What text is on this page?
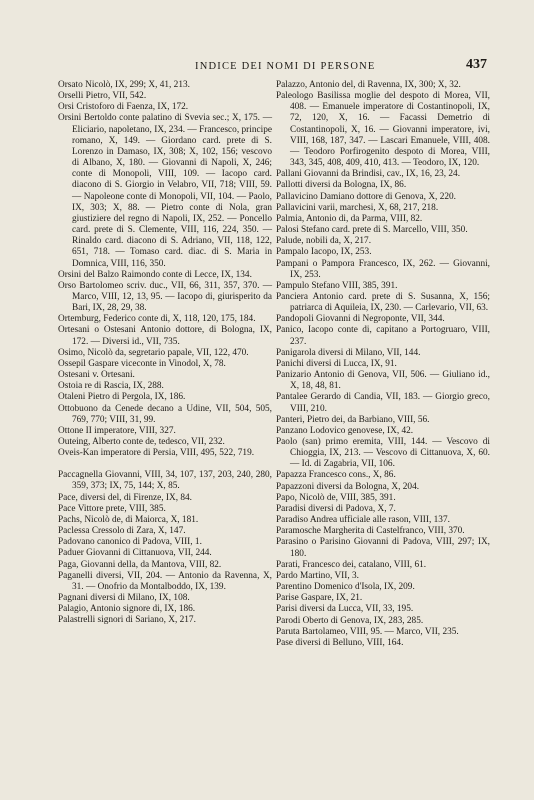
INDICE DEI NOMI DI PERSONE	437
Orsato Nicolò, IX, 299; X, 41, 213.
Orselli Pietro, VII, 542.
Orsi Cristoforo di Faenza, IX, 172.
Orsini Bertoldo conte palatino di Svevia sec.; X, 175. — Eliciario, napoletano, IX, 234. — Francesco, principe romano, X, 149. — Giordano card. prete di S. Lorenzo in Damaso, IX, 308; X, 102, 156; vescovo di Albano, X, 180. — Giovanni di Napoli, X, 246; conte di Monopoli, VIII, 109. — Iacopo card. diacono di S. Giorgio in Velabro, VII, 718; VIII, 59. — Napoleone conte di Monopoli, VII, 104. — Paolo, IX, 303; X, 88. — Pietro conte di Nola, gran giustiziere del regno di Napoli, IX, 252. — Poncello card. prete di S. Clemente, VIII, 116, 224, 350. — Rinaldo card. diacono di S. Adriano, VII, 118, 122, 651, 718. — Tomaso card. diac. di S. Maria in Domnica, VIII, 116, 350.
Orsini del Balzo Raimondo conte di Lecce, IX, 134.
Orso Bartolomeo scriv. duc., VII, 66, 311, 357, 370. — Marco, VIII, 12, 13, 95. — Iacopo di, giurisperito da Bari, IX, 28, 29, 38.
Ortemburg, Federico conte di, X, 118, 120, 175, 184.
Ortesani o Ostesani Antonio dottore, di Bologna, IX, 172. — Diversi id., VII, 735.
Osimo, Nicolò da, segretario papale, VII, 122, 470.
Ossepil Gaspare viceconte in Vinodol, X, 78.
Ostesani v. Ortesani.
Ostoia re di Rascia, IX, 288.
Otaleni Pietro di Pergola, IX, 186.
Ottobuono da Cenede decano a Udine, VII, 504, 505, 769, 770; VIII, 31, 99.
Ottone II imperatore, VIII, 327.
Outeing, Alberto conte de, tedesco, VII, 232.
Oveis-Kan imperatore di Persia, VIII, 495, 522, 719.
Paccagnella Giovanni, VIII, 34, 107, 137, 203, 240, 280, 359, 373; IX, 75, 144; X, 85.
Pace, diversi del, di Firenze, IX, 84.
Pace Vittore prete, VIII, 385.
Pachs, Nicolò de, di Maiorca, X, 181.
Paclessa Cressolo di Zara, X, 147.
Padovano canonico di Padova, VIII, 1.
Paduer Giovanni di Cittanuova, VII, 244.
Paga, Giovanni della, da Mantova, VIII, 82.
Paganelli diversi, VII, 204. — Antonio da Ravenna, X, 31. — Onofrio da Montalboddo, IX, 139.
Pagnani diversi di Milano, IX, 108.
Palagio, Antonio signore di, IX, 186.
Palastrelli signori di Sariano, X, 217.
Palazzo, Antonio del, di Ravenna, IX, 300; X, 32.
Paleologo Basilissa moglie del despoto di Morea, VII, 408. — Emanuele imperatore di Costantinopoli, IX, 72, 120, X, 16. — Facassi Demetrio di Costantinopoli, X, 16. — Giovanni imperatore, ivi, VIII, 168, 187, 347. — Lascari Emanuele, VIII, 408. — Teodoro Porfirogenito despoto di Morea, VIII, 343, 345, 408, 409, 410, 413. — Teodoro, IX, 120.
Pallani Giovanni da Brindisi, cav., IX, 16, 23, 24.
Pallotti diversi da Bologna, IX, 86.
Pallavicino Damiano dottore di Genova, X, 220.
Pallavicini varii, marchesi, X, 68, 217, 218.
Palmia, Antonio di, da Parma, VIII, 82.
Palosi Stefano card. prete di S. Marcello, VIII, 350.
Palude, nobili da, X, 217.
Pampalo Iacopo, IX, 253.
Pampani o Pampora Francesco, IX, 262. — Giovanni, IX, 253.
Pampulo Stefano VIII, 385, 391.
Panciera Antonio card. prete di S. Susanna, X, 156; patriarca di Aquileia, IX, 230. — Carlevario, VII, 63.
Pandopoli Giovanni di Negroponte, VII, 344.
Panico, Iacopo conte di, capitano a Portogruaro, VIII, 237.
Panigarola diversi di Milano, VII, 144.
Panichi diversi di Lucca, IX, 91.
Panizario Antonio di Genova, VII, 506. — Giuliano id., X, 18, 48, 81.
Pantalee Gerardo di Candia, VII, 183. — Giorgio greco, VIII, 210.
Panteri, Pietro dei, da Barbiano, VIII, 56.
Panzano Lodovico genovese, IX, 42.
Paolo (san) primo eremita, VIII, 144. — Vescovo di Chioggia, IX, 213. — Vescovo di Cittanuova, X, 60. — Id. di Zagabria, VII, 106.
Papazza Francesco cons., X, 86.
Papazzoni diversi da Bologna, X, 204.
Papo, Nicolò de, VIII, 385, 391.
Paradisi diversi di Padova, X, 7.
Paradiso Andrea ufficiale alle rason, VIII, 137.
Paramosche Margherita di Castelfranco, VIII, 370.
Parasino o Parisino Giovanni di Padova, VIII, 297; IX, 180.
Parati, Francesco dei, catalano, VIII, 61.
Pardo Martino, VII, 3.
Parentino Domenico d'Isola, IX, 209.
Parise Gaspare, IX, 21.
Parisi diversi da Lucca, VII, 33, 195.
Parodi Oberto di Genova, IX, 283, 285.
Paruta Bartolameo, VIII, 95. — Marco, VII, 235.
Pase diversi di Belluno, VIII, 164.
